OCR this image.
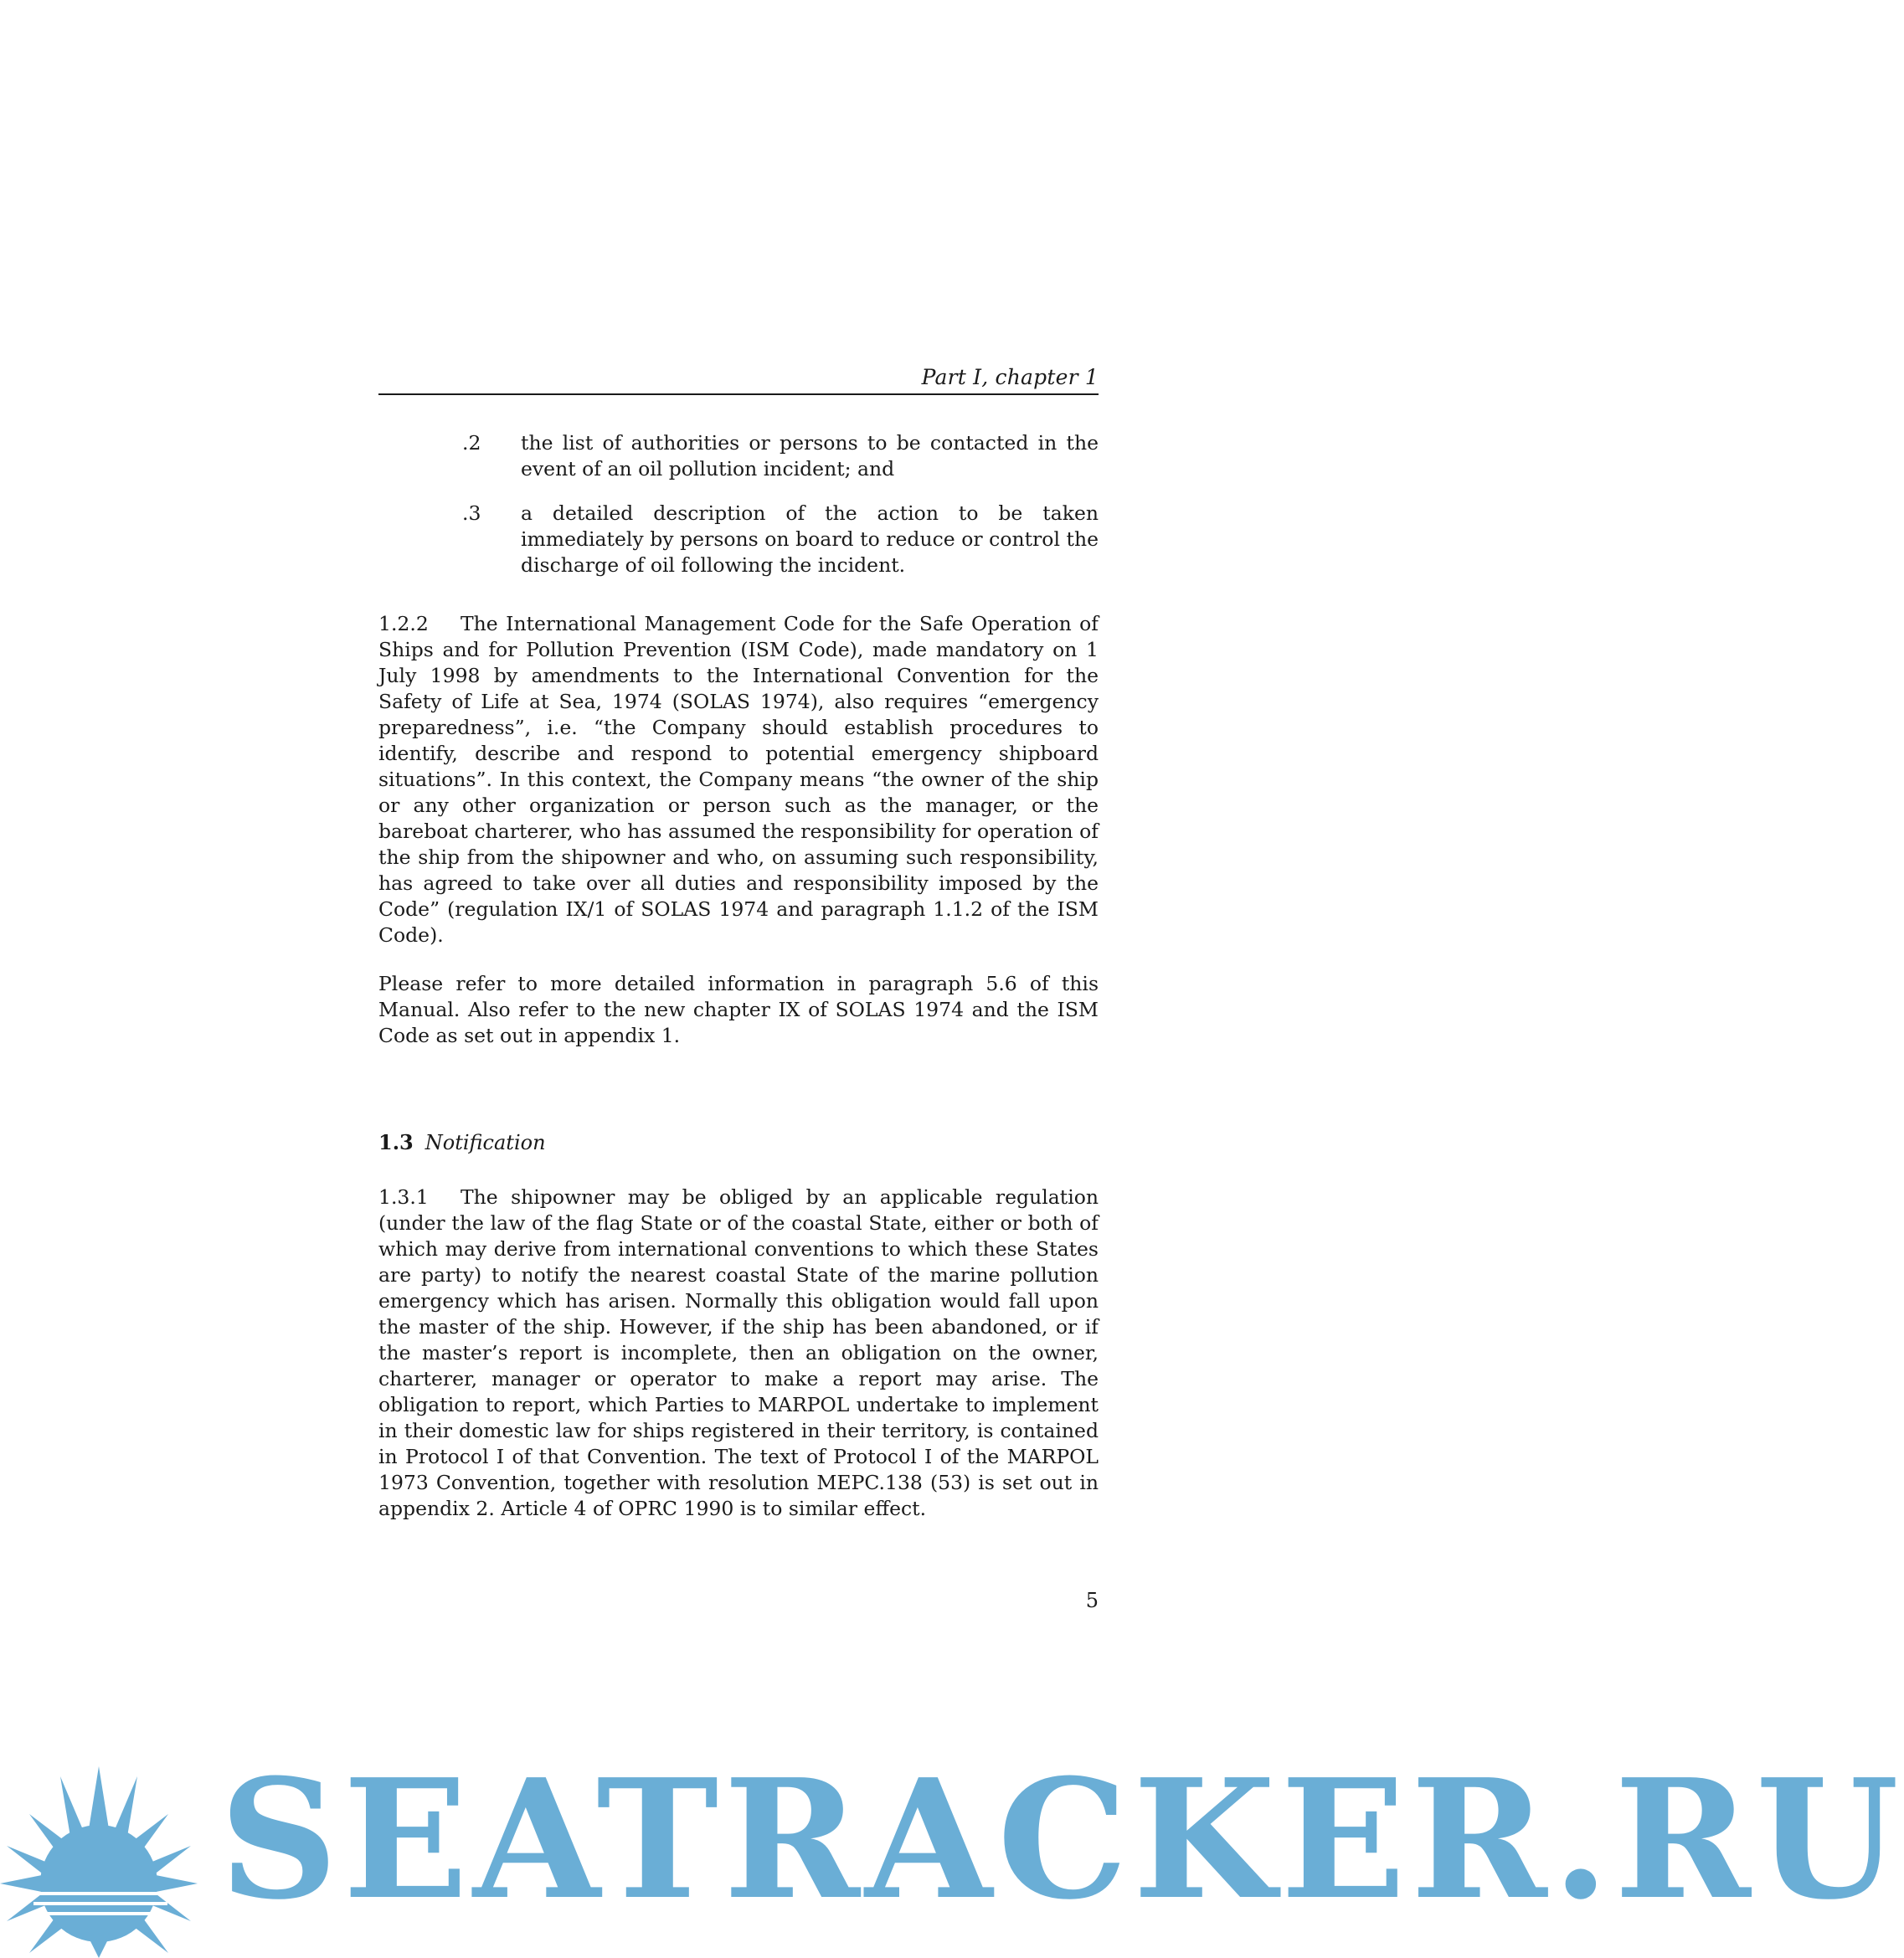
Part I, chapter 1
.2	the list of authorities or persons to be contacted in the event of an oil pollution incident; and
.3	a detailed description of the action to be taken immediately by persons on board to reduce or control the discharge of oil following the incident.

1.2.2 The International Management Code for the Safe Operation of Ships and for Pollution Prevention (ISM Code), made mandatory on 1 July 1998 by amendments to the International Convention for the Safety of Life at Sea, 1974 (SOLAS 1974), also requires “emergency preparedness”, i.e. “the Company should establish procedures to identify, describe and respond to potential emergency shipboard situations”. In this context, the Company means “the owner of the ship or any other organization or person such as the manager, or the bareboat charterer, who has assumed the responsibility for operation of the ship from the shipowner and who, on assuming such responsibility, has agreed to take over all duties and responsibility imposed by the Code” (regulation IX/1 of SOLAS 1974 and paragraph 1.1.2 of the ISM Code).

Please refer to more detailed information in paragraph 5.6 of this Manual. Also refer to the new chapter IX of SOLAS 1974 and the ISM Code as set out in appendix 1.

1.3 Notification

1.3.1 The shipowner may be obliged by an applicable regulation (under the law of the flag State or of the coastal State, either or both of which may derive from international conventions to which these States are party) to notify the nearest coastal State of the marine pollution emergency which has arisen. Normally this obligation would fall upon the master of the ship. However, if the ship has been abandoned, or if the master’s report is incomplete, then an obligation on the owner, charterer, manager or operator to make a report may arise. The obligation to report, which Parties to MARPOL undertake to implement in their domestic law for ships registered in their territory, is contained in Protocol I of that Convention. The text of Protocol I of the MARPOL 1973 Convention, together with resolution MEPC.138 (53) is set out in appendix 2. Article 4 of OPRC 1990 is to similar effect.

5
SEATRACKER.RU
